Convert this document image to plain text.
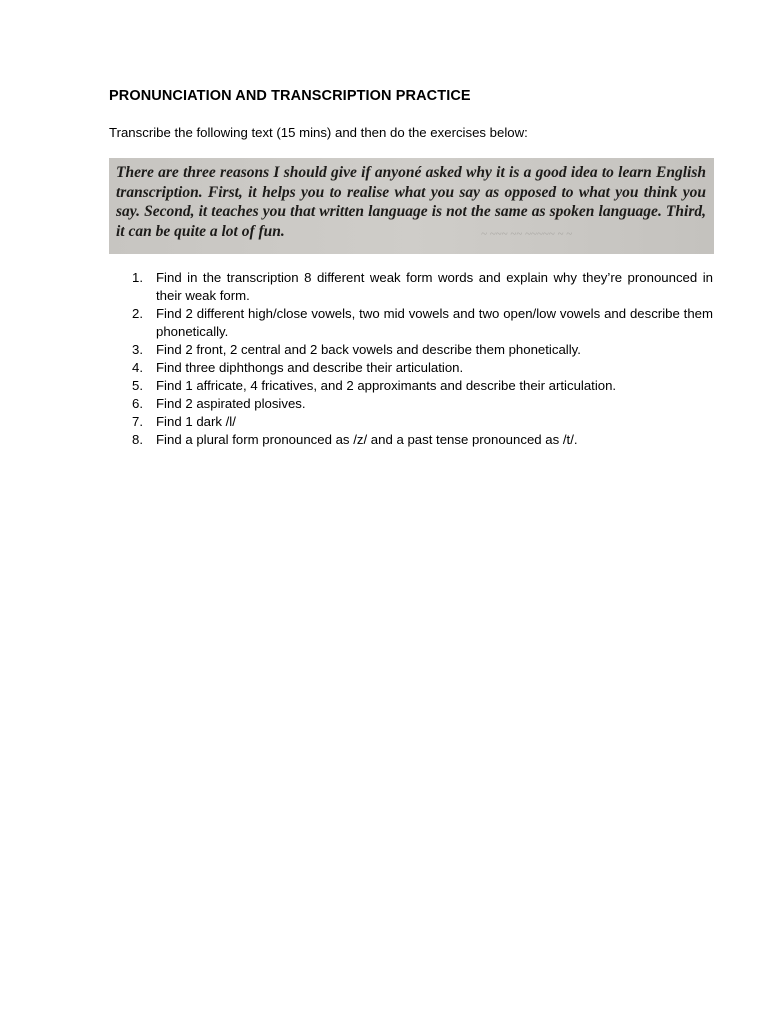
PRONUNCIATION AND TRANSCRIPTION PRACTICE
Transcribe the following text (15 mins) and then do the exercises below:
There are three reasons I should give if anyoné asked why it is a good idea to learn English transcription. First, it helps you to realise what you say as opposed to what you think you say. Second, it teaches you that written language is not the same as spoken language. Third, it can be quite a lot of fun.	~ ~~~ ~~ ~~~~~ ~ ~
1. Find in the transcription 8 different weak form words and explain why they’re pronounced in their weak form.
2. Find 2 different high/close vowels, two mid vowels and two open/low vowels and describe them phonetically.
3. Find 2 front, 2 central and 2 back vowels and describe them phonetically.
4. Find three diphthongs and describe their articulation.
5. Find 1 affricate, 4 fricatives, and 2 approximants and describe their articulation.
6. Find 2 aspirated plosives.
7. Find 1 dark /l/
8. Find a plural form pronounced as /z/ and a past tense pronounced as /t/.
